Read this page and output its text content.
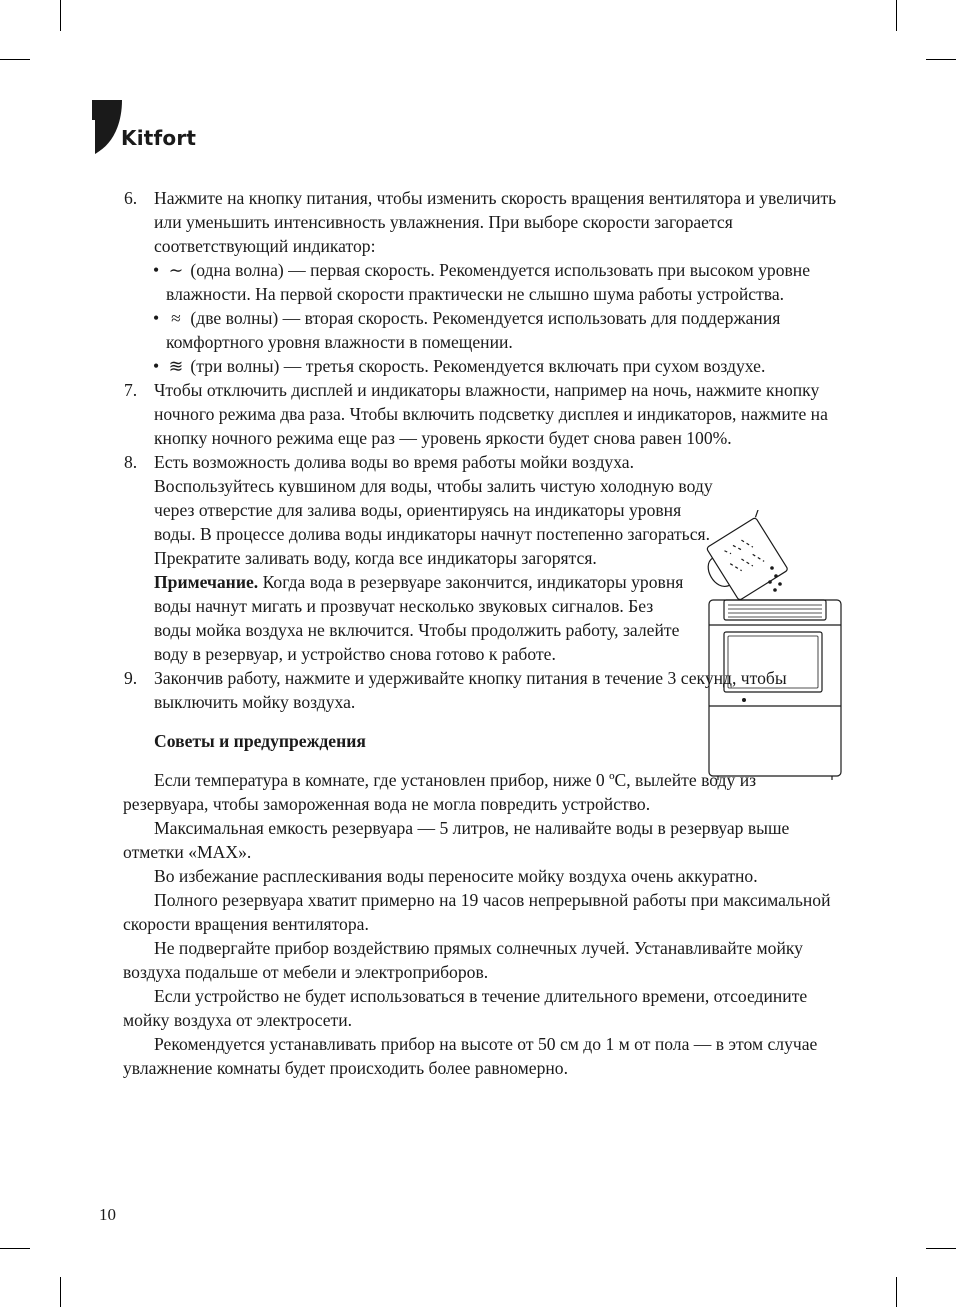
Kitfort

6. Нажмите на кнопку питания, чтобы изменить скорость вращения вентилятора и увеличить или уменьшить интенсивность увлажнения. При выборе скорости загорается соответствующий индикатор:

• ∼ (одна волна) — первая скорость. Рекомендуется использовать при высоком уровне влажности. На первой скорости практически не слышно шума работы устройства.

• ≈ (две волны) — вторая скорость. Рекомендуется использовать для поддержания комфортного уровня влажности в помещении.

• ≋ (три волны) — третья скорость. Рекомендуется включать при сухом воздухе.

7. Чтобы отключить дисплей и индикаторы влажности, например на ночь, нажмите кнопку ночного режима два раза. Чтобы включить подсветку дисплея и индикаторов, нажмите на кнопку ночного режима еще раз — уровень яркости будет снова равен 100%.

8. Есть возможность долива воды во время работы мойки воздуха. Воспользуйтесь кувшином для воды, чтобы залить чистую холодную воду через отверстие для залива воды, ориентируясь на индикаторы уровня воды. В процессе долива воды индикаторы начнут постепенно загораться. Прекратите заливать воду, когда все индикаторы загорятся.

Примечание. Когда вода в резервуаре закончится, индикаторы уровня воды начнут мигать и прозвучат несколько звуковых сигналов. Без воды мойка воздуха не включится. Чтобы продолжить работу, залейте воду в резервуар, и устройство снова готово к работе.

9. Закончив работу, нажмите и удерживайте кнопку питания в течение 3 секунд, чтобы выключить мойку воздуха.

Советы и предупреждения

Если температура в комнате, где установлен прибор, ниже 0 ºС, вылейте воду из резервуара, чтобы замороженная вода не могла повредить устройство.

Максимальная емкость резервуара — 5 литров, не наливайте воды в резервуар выше отметки «MAX».

Во избежание расплескивания воды переносите мойку воздуха очень аккуратно.

Полного резервуара хватит примерно на 19 часов непрерывной работы при максимальной скорости вращения вентилятора.

Не подвергайте прибор воздействию прямых солнечных лучей. Устанавливайте мойку воздуха подальше от мебели и электроприборов.

Если устройство не будет использоваться в течение длительного времени, отсоедините мойку воздуха от электросети.

Рекомендуется устанавливать прибор на высоте от 50 см до 1 м от пола — в этом случае увлажнение комнаты будет происходить более равномерно.

10
